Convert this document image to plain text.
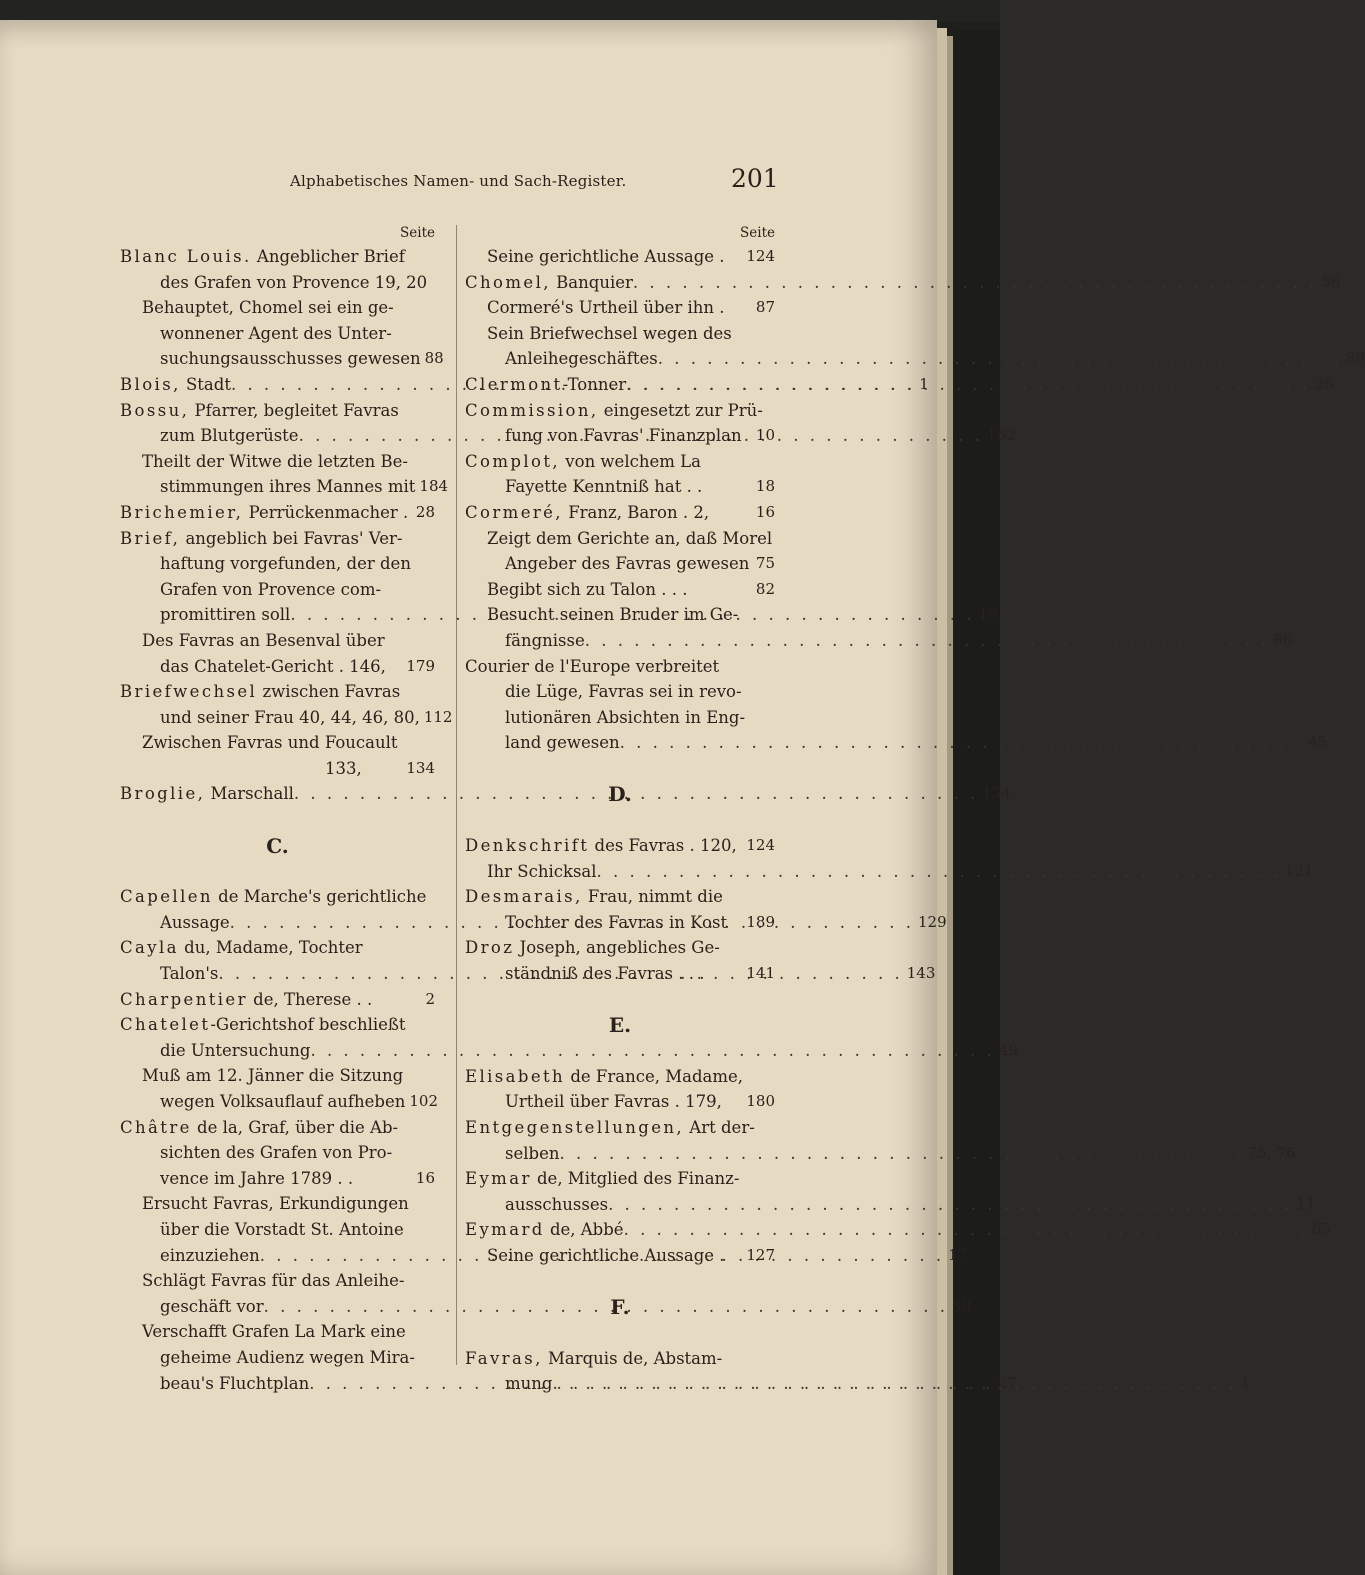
Alphabetisches Namen- und Sach-Register.	201
Seite
Blanc Louis. Angeblicher Brief
des Grafen von Provence 19, 20
Behauptet, Chomel sei ein ge-
wonnener Agent des Unter-
suchungsausschusses gewesen 88
Blois, Stadt . . .	1
Bossu, Pfarrer, begleitet Favras
zum Blutgerüste . . .	162
Theilt der Witwe die letzten Be-
stimmungen ihres Mannes mit 184
Brichemier, Perrückenmacher . 28
Brief, angeblich bei Favras' Ver-
haftung vorgefunden, der den
Grafen von Provence com-
promittiren soll . . .	19
Des Favras an Besenval über
das Chatelet-Gericht . 146, 179
Briefwechsel zwischen Favras
und seiner Frau 40, 44, 46, 80, 112
Zwischen Favras und Foucault
133,	134
Broglie, Marschall . . .	134
C.
Capellen de Marche's gerichtliche
Aussage . . .	129
Cayla du, Madame, Tochter
Talon's . . .	143
Charpentier de, Therese . .	2
Chatelet-Gerichtshof beschließt
die Untersuchung . . .	49
Muß am 12. Jänner die Sitzung
wegen Volksauflauf aufheben 102
Châtre de la, Graf, über die Ab-
sichten des Grafen von Pro-
vence im Jahre 1789 . .	16
Ersucht Favras, Erkundigungen
über die Vorstadt St. Antoine
einzuziehen . . .	17
Schlägt Favras für das Anleihe-
geschäft vor . . .	30
Verschafft Grafen La Mark eine
geheime Audienz wegen Mira-
beau's Fluchtplan . . .	27
Seite
Seine gerichtliche Aussage . 124
Chomel, Banquier . . .	56
Cormeré's Urtheil über ihn . 87
Sein Briefwechsel wegen des
Anleihegeschäftes . . .	89
Clermont-Tonner . . .	26
Commission, eingesetzt zur Prü-
fung von Favras' Finanzplan 10
Complot, von welchem La
Fayette Kenntniß hat . .	18
Cormeré, Franz, Baron . 2,	16
Zeigt dem Gerichte an, daß Morel
Angeber des Favras gewesen 75
Begibt sich zu Talon . . .	82
Besucht seinen Bruder im Ge-
fängnisse . . .	86
Courier de l'Europe verbreitet
die Lüge, Favras sei in revo-
lutionären Absichten in Eng-
land gewesen . . .	45
D.
Denkschrift des Favras . 120, 124
Ihr Schicksal . . .	121
Desmarais, Frau, nimmt die
Tochter des Favras in Kost 189
Droz Joseph, angebliches Ge-
ständniß des Favras . . .	141
E.
Elisabeth de France, Madame,
Urtheil über Favras . 179, 180
Entgegenstellungen, Art der-
selben . . .	75, 76
Eymar de, Mitglied des Finanz-
ausschusses . . .	11
Eymard de, Abbé . . .	65
Seine gerichtliche Aussage . 127
F.
Favras, Marquis de, Abstam-
mung . . .	1
